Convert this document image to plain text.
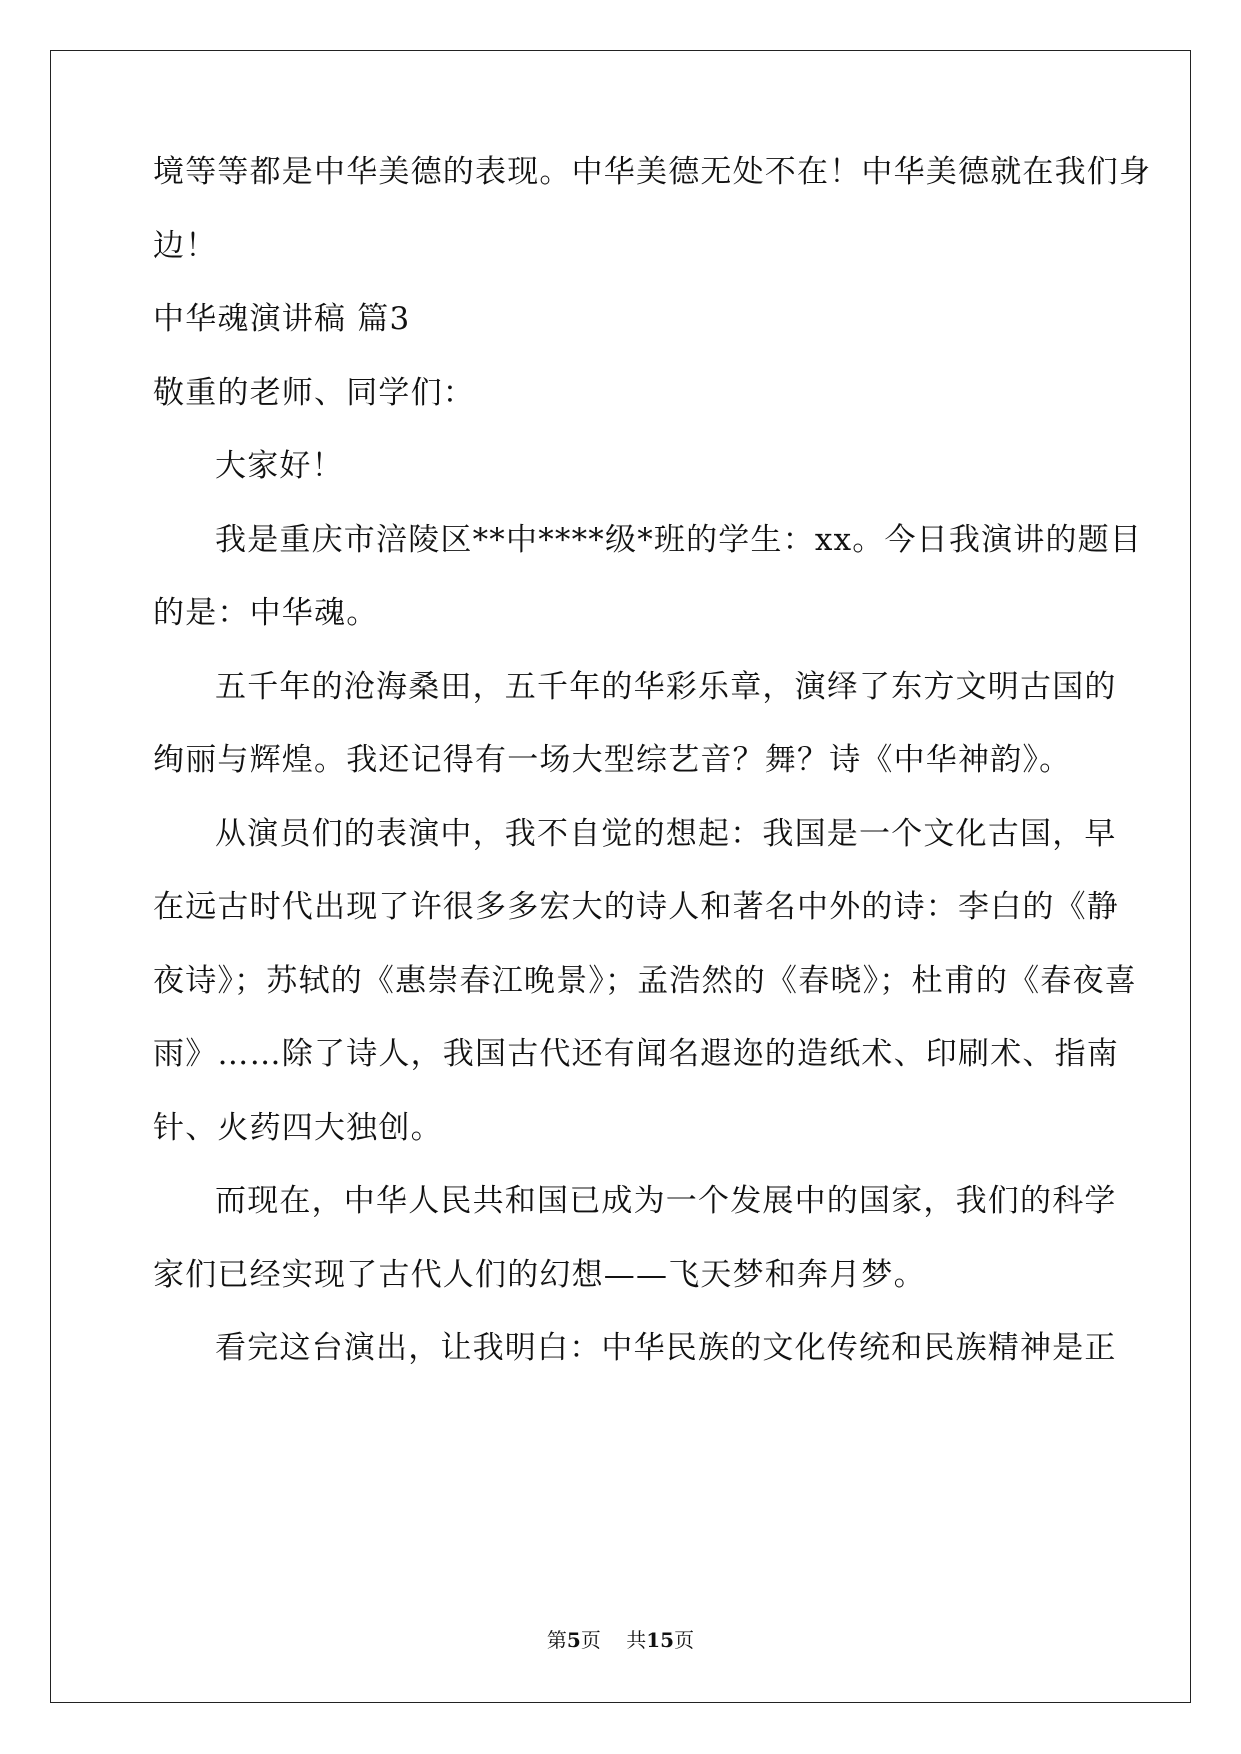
境等等都是中华美德的表现。中华美德无处不在！中华美德就在我们身
边！
中华魂演讲稿 篇3
敬重的老师、同学们：
大家好！
我是重庆市涪陵区**中****级*班的学生：xx。今日我演讲的题目
的是：中华魂。
五千年的沧海桑田，五千年的华彩乐章，演绎了东方文明古国的
绚丽与辉煌。我还记得有一场大型综艺音？舞？诗《中华神韵》。
从演员们的表演中，我不自觉的想起：我国是一个文化古国，早
在远古时代出现了许很多多宏大的诗人和著名中外的诗：李白的《静
夜诗》；苏轼的《惠崇春江晚景》；孟浩然的《春晓》；杜甫的《春夜喜
雨》……除了诗人，我国古代还有闻名遐迩的造纸术、印刷术、指南
针、火药四大独创。
而现在，中华人民共和国已成为一个发展中的国家，我们的科学
家们已经实现了古代人们的幻想——飞天梦和奔月梦。
看完这台演出，让我明白：中华民族的文化传统和民族精神是正
第5页 共15页
